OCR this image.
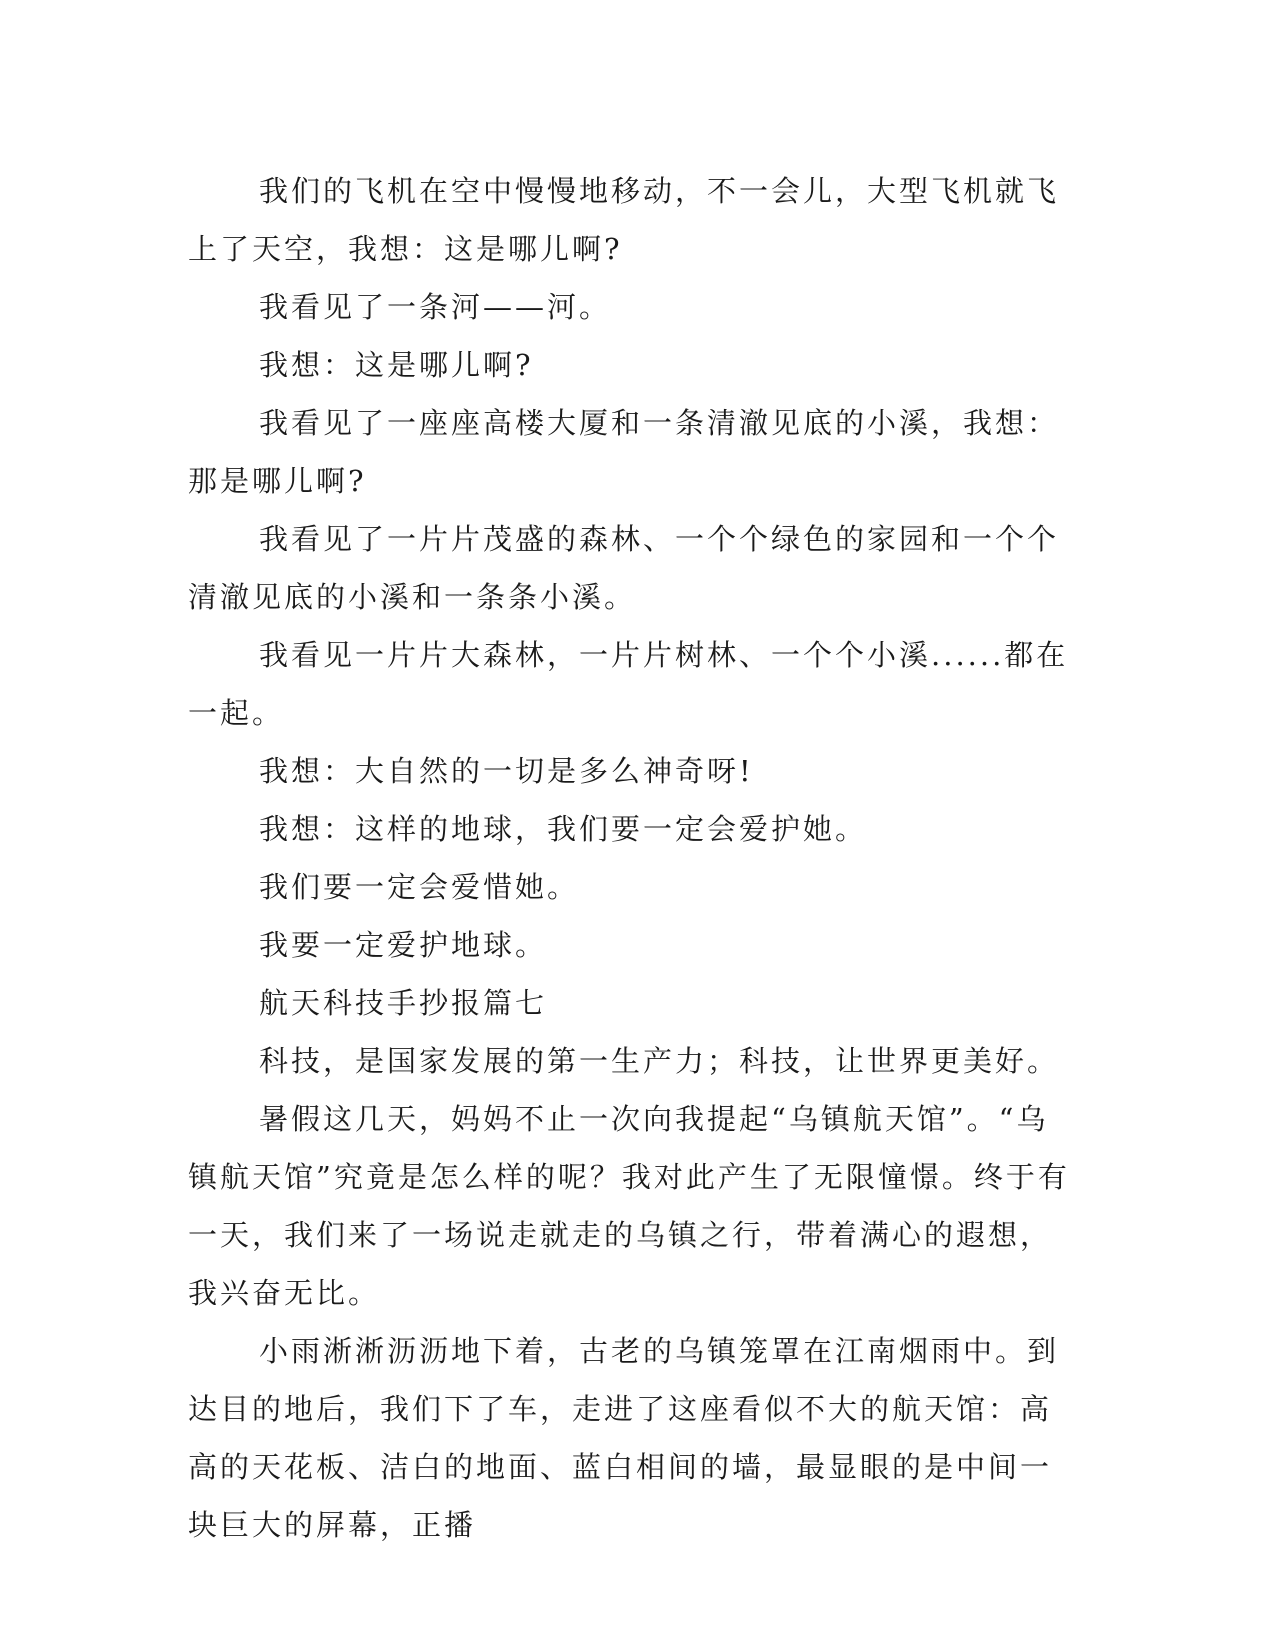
我们的飞机在空中慢慢地移动，不一会儿，大型飞机就飞上了天空，我想：这是哪儿啊?

我看见了一条河——河。

我想：这是哪儿啊?

我看见了一座座高楼大厦和一条清澈见底的小溪，我想：那是哪儿啊?

我看见了一片片茂盛的森林、一个个绿色的家园和一个个清澈见底的小溪和一条条小溪。

我看见一片片大森林，一片片树林、一个个小溪......都在一起。

我想：大自然的一切是多么神奇呀!

我想：这样的地球，我们要一定会爱护她。

我们要一定会爱惜她。

我要一定爱护地球。

航天科技手抄报篇七

科技，是国家发展的第一生产力；科技，让世界更美好。

暑假这几天，妈妈不止一次向我提起“乌镇航天馆”。“乌镇航天馆”究竟是怎么样的呢？我对此产生了无限憧憬。终于有一天，我们来了一场说走就走的乌镇之行，带着满心的遐想，我兴奋无比。

小雨淅淅沥沥地下着，古老的乌镇笼罩在江南烟雨中。到达目的地后，我们下了车，走进了这座看似不大的航天馆：高高的天花板、洁白的地面、蓝白相间的墙，最显眼的是中间一块巨大的屏幕，正播
